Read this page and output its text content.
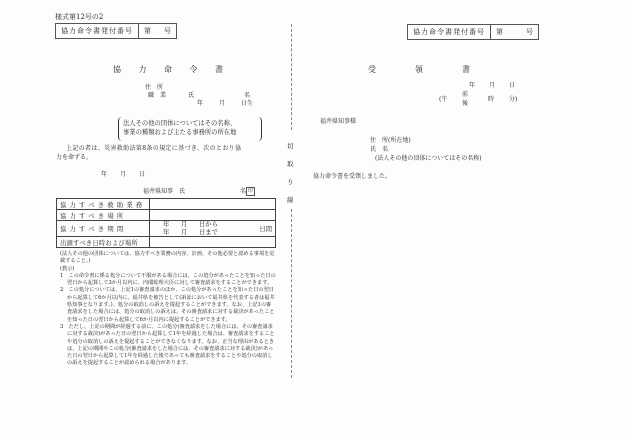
様式第12号の2
協力命令書発付番号	第 号
協 力 命 令 書
住　所
職　業	氏	名
年	月	日生
法人その他の団体についてはその名称、
事業の種類および主たる事務所の所在地
上記の者は、災害救助法第8条の規定に基づき、次のとおり協
力を命ずる。
年 月 日
福井県知事　氏	名 印
協力すべき救助業務	
協力すべき場所	
協力すべき期間	年 月 日から
年 月 日まで 日間

出頭すべき日時および場所	

(法人その他の団体については、協力すべき業務の内容、計画、その他必要と認める事項を記載すること。)

(教示)

1　この命令書に係る処分について不服がある場合には、この処分があったことを知った日の翌日から起算して3か月以内に、内閣総理大臣に対して審査請求をすることができます。

2　この処分については、上記1の審査請求のほか、この処分があったことを知った日の翌日から起算して6か月以内に、福井県を被告として(訴訟において福井県を代表する者は福井県知事となります。)、処分の取消しの訴えを提起することができます。なお、上記1の審査請求をした場合には、処分の取消しの訴えは、その審査請求に対する裁決があったことを知った日の翌日から起算して6か月以内に提起することができます。

3　ただし、上記の期間が経過する前に、この処分(審査請求をした場合には、その審査請求に対する裁決)があった日の翌日から起算して1年を経過した場合は、審査請求をすることや処分の取消しの訴えを提起することができなくなります。なお、正当な理由があるときは、上記の期間やこの処分(審査請求をした場合には、その審査請求に対する裁決)があった日の翌日から起算して1年を経過した後であっても審査請求をすることや処分の取消しの訴えを提起することが認められる場合があります。

切
取
り
線
協力命令書発付番号	第	号
受	領	書
年 月 日
(午
前
後
時 分)
福井県知事様
住　所(所在地)
氏　名
(法人その他の団体についてはその名称)
協力命令書を受領しました。
